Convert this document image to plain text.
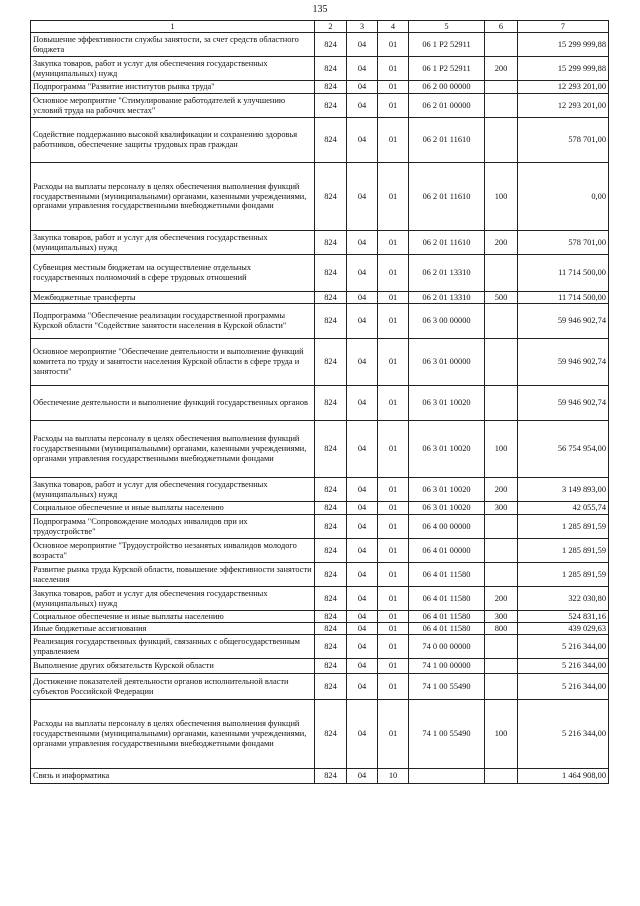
135
1	2	3	4	5	6	7
Повышение эффективности службы занятости, за счет средств областного бюджета	824	04	01	06 1 P2 52911		15 299 999,88
Закупка товаров, работ и услуг для обеспечения государственных (муниципальных) нужд	824	04	01	06 1 P2 52911	200	15 299 999,88
Подпрограмма "Развитие институтов рынка труда"	824	04	01	06 2 00 00000		12 293 201,00
Основное мероприятие "Стимулирование работодателей к улучшению условий труда на рабочих местах"	824	04	01	06 2 01 00000		12 293 201,00
Содействие поддержанию высокой квалификации и сохранению здоровья работников, обеспечение защиты трудовых прав граждан	824	04	01	06 2 01 11610		578 701,00
Расходы на выплаты персоналу в целях обеспечения выполнения функций государственными (муниципальными) органами, казенными учреждениями, органами управления государственными внебюджетными фондами	824	04	01	06 2 01 11610	100	0,00
Закупка товаров, работ и услуг для обеспечения государственных (муниципальных) нужд	824	04	01	06 2 01 11610	200	578 701,00
Субвенция местным бюджетам на осуществление отдельных государственных полномочий в сфере трудовых отношений	824	04	01	06 2 01 13310		11 714 500,00
Межбюджетные трансферты	824	04	01	06 2 01 13310	500	11 714 500,00
Подпрограмма "Обеспечение реализации государственной программы Курской области "Содействие занятости населения в Курской области"	824	04	01	06 3 00 00000		59 946 902,74
Основное мероприятие "Обеспечение деятельности и выполнение функций комитета по труду и занятости населения Курской области в сфере труда и занятости"	824	04	01	06 3 01 00000		59 946 902,74
Обеспечение деятельности и выполнение функций государственных органов	824	04	01	06 3 01 10020		59 946 902,74
Расходы на выплаты персоналу в целях обеспечения выполнения функций государственными (муниципальными) органами, казенными учреждениями, органами управления государственными внебюджетными фондами	824	04	01	06 3 01 10020	100	56 754 954,00
Закупка товаров, работ и услуг для обеспечения государственных (муниципальных) нужд	824	04	01	06 3 01 10020	200	3 149 893,00
Социальное обеспечение и иные выплаты населению	824	04	01	06 3 01 10020	300	42 055,74
Подпрограмма "Сопровождение молодых инвалидов при их трудоустройстве"	824	04	01	06 4 00 00000		1 285 891,59
Основное мероприятие "Трудоустройство незанятых инвалидов молодого возраста"	824	04	01	06 4 01 00000		1 285 891,59
Развитие рынка труда Курской области, повышение эффективности занятости населения	824	04	01	06 4 01 11580		1 285 891,59
Закупка товаров, работ и услуг для обеспечения государственных (муниципальных) нужд	824	04	01	06 4 01 11580	200	322 030,80
Социальное обеспечение и иные выплаты населению	824	04	01	06 4 01 11580	300	524 831,16
Иные бюджетные ассигнования	824	04	01	06 4 01 11580	800	439 029,63
Реализация государственных функций, связанных с общегосударственным управлением	824	04	01	74 0 00 00000		5 216 344,00
Выполнение других обязательств Курской области	824	04	01	74 1 00 00000		5 216 344,00
Достижение показателей деятельности органов исполнительной власти субъектов Российской Федерации	824	04	01	74 1 00 55490		5 216 344,00
Расходы на выплаты персоналу в целях обеспечения выполнения функций государственными (муниципальными) органами, казенными учреждениями, органами управления государственными внебюджетными фондами	824	04	01	74 1 00 55490	100	5 216 344,00
Связь и информатика	824	04	10			1 464 908,00
